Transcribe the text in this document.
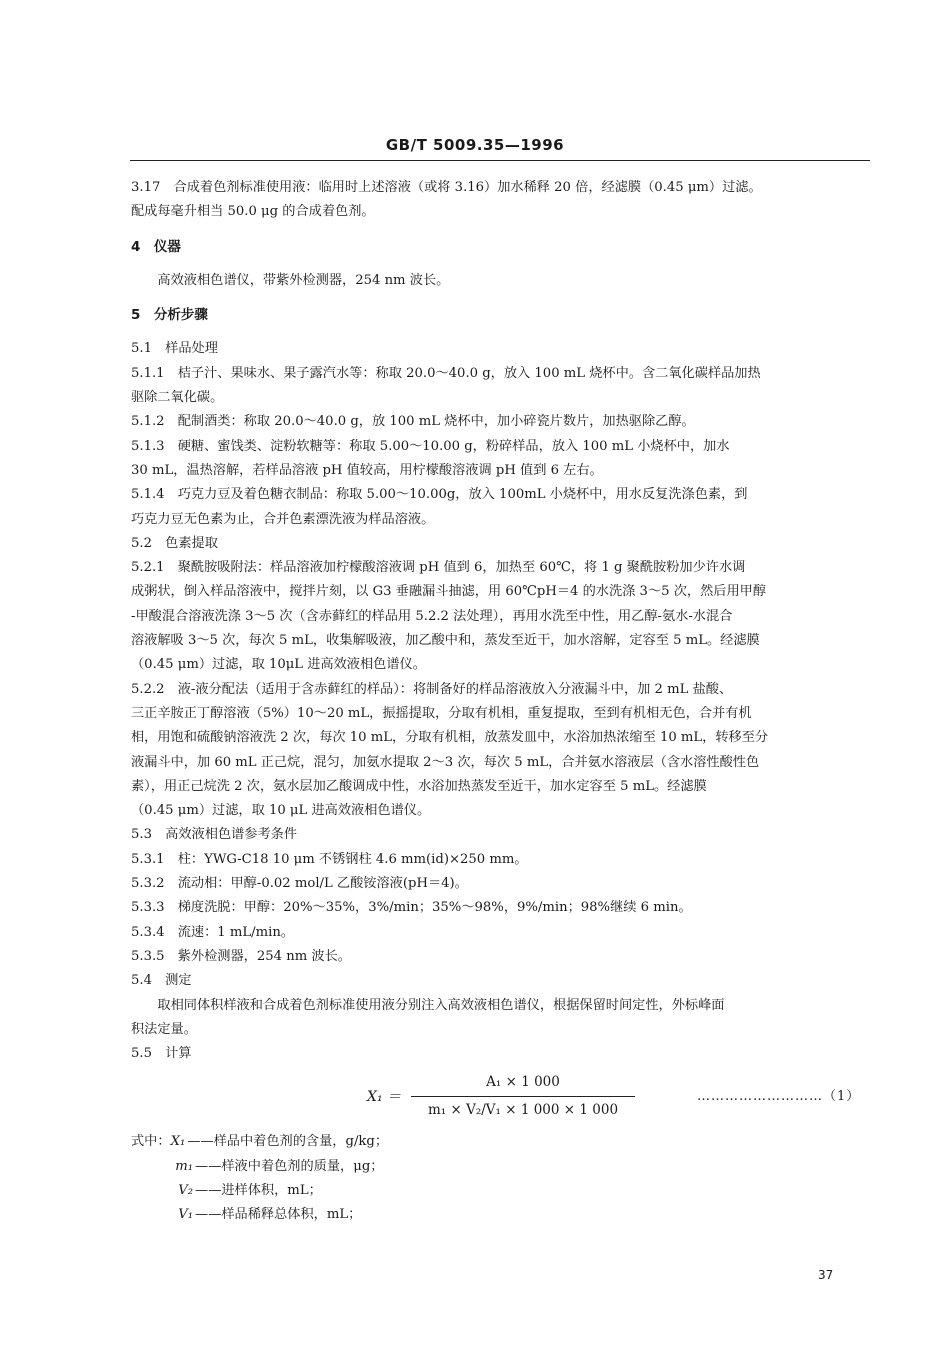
GB/T 5009.35—1996

3.17　合成着色剂标准使用液：临用时上述溶液（或将 3.16）加水稀释 20 倍，经滤膜（0.45 μm）过滤。

配成每毫升相当 50.0 μg 的合成着色剂。

4　仪器

高效液相色谱仪，带紫外检测器，254 nm 波长。

5　分析步骤

5.1　样品处理

5.1.1　桔子汁、果味水、果子露汽水等：称取 20.0～40.0 g，放入 100 mL 烧杯中。含二氧化碳样品加热

驱除二氧化碳。

5.1.2　配制酒类：称取 20.0～40.0 g，放 100 mL 烧杯中，加小碎瓷片数片，加热驱除乙醇。

5.1.3　硬糖、蜜饯类、淀粉软糖等：称取 5.00～10.00 g，粉碎样品，放入 100 mL 小烧杯中，加水

30 mL，温热溶解，若样品溶液 pH 值较高，用柠檬酸溶液调 pH 值到 6 左右。

5.1.4　巧克力豆及着色糖衣制品：称取 5.00～10.00g，放入 100mL 小烧杯中，用水反复洗涤色素，到

巧克力豆无色素为止，合并色素漂洗液为样品溶液。

5.2　色素提取

5.2.1　聚酰胺吸附法：样品溶液加柠檬酸溶液调 pH 值到 6，加热至 60℃，将 1 g 聚酰胺粉加少许水调

成粥状，倒入样品溶液中，搅拌片刻，以 G3 垂融漏斗抽滤，用 60℃pH＝4 的水洗涤 3～5 次，然后用甲醇

-甲酸混合溶液洗涤 3～5 次（含赤藓红的样品用 5.2.2 法处理），再用水洗至中性，用乙醇-氨水-水混合

溶液解吸 3～5 次，每次 5 mL，收集解吸液，加乙酸中和，蒸发至近干，加水溶解，定容至 5 mL。经滤膜

（0.45 μm）过滤，取 10μL 进高效液相色谱仪。

5.2.2　液-液分配法（适用于含赤藓红的样品）：将制备好的样品溶液放入分液漏斗中，加 2 mL 盐酸、

三正辛胺正丁醇溶液（5%）10～20 mL，振摇提取，分取有机相，重复提取，至到有机相无色，合并有机

相，用饱和硫酸钠溶液洗 2 次，每次 10 mL，分取有机相，放蒸发皿中，水浴加热浓缩至 10 mL，转移至分

液漏斗中，加 60 mL 正己烷，混匀，加氨水提取 2～3 次，每次 5 mL，合并氨水溶液层（含水溶性酸性色

素），用正己烷洗 2 次，氨水层加乙酸调成中性，水浴加热蒸发至近干，加水定容至 5 mL。经滤膜

（0.45 μm）过滤，取 10 μL 进高效液相色谱仪。

5.3　高效液相色谱参考条件

5.3.1　柱：YWG-C18 10 μm 不锈钢柱 4.6 mm(id)×250 mm。

5.3.2　流动相：甲醇-0.02 mol/L 乙酸铵溶液(pH＝4)。

5.3.3　梯度洗脱：甲醇：20%～35%，3%/min；35%～98%，9%/min；98%继续 6 min。

5.3.4　流速：1 mL/min。

5.3.5　紫外检测器，254 nm 波长。

5.4　测定

取相同体积样液和合成着色剂标准使用液分别注入高效液相色谱仪，根据保留时间定性，外标峰面

积法定量。

5.5　计算

$X_1 = \frac{\text{A₁ × 1 000}}{\text{m₁ × V₂/V₁ × 1 000 × 1 000}}$	………………………（1）
式中： X₁ ——样品中着色剂的含量，g/kg；
m₁ ——样液中着色剂的质量，μg；
V₂ ——进样体积，mL；
V₁ ——样品稀释总体积，mL；
37
